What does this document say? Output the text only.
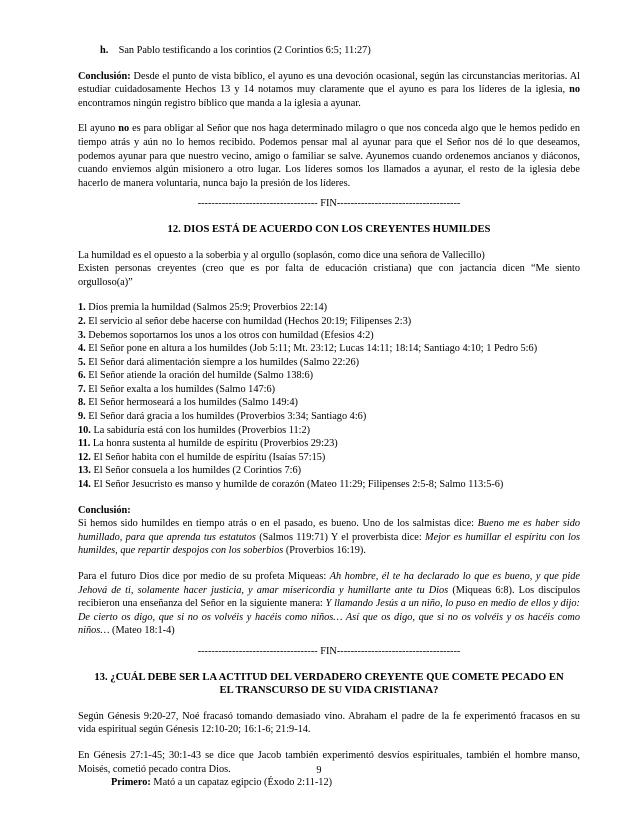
h. San Pablo testificando a los corintios (2 Corintios 6:5; 11:27)

Conclusión: Desde el punto de vista bíblico, el ayuno es una devoción ocasional, según las circunstancias meritorias. Al estudiar cuidadosamente Hechos 13 y 14 notamos muy claramente que el ayuno es para los líderes de la iglesia, no encontramos ningún registro bíblico que manda a la iglesia a ayunar.

El ayuno no es para obligar al Señor que nos haga determinado milagro o que nos conceda algo que le hemos pedido en tiempo atrás y aún no lo hemos recibido. Podemos pensar mal al ayunar para que el Señor nos dé lo que deseamos, podemos ayunar para que nuestro vecino, amigo o familiar se salve. Ayunemos cuando ordenemos ancianos y diáconos, cuando enviemos algún misionero a otro lugar. Los líderes somos los llamados a ayunar, el resto de la iglesia debe hacerlo de manera voluntaria, nunca bajo la presión de los líderes.

----------------------------------- FIN------------------------------------

12. DIOS ESTÁ DE ACUERDO CON LOS CREYENTES HUMILDES

La humildad es el opuesto a la soberbia y al orgullo (soplasón, como dice una señora de Vallecillo)

Existen personas creyentes (creo que es por falta de educación cristiana) que con jactancia dicen “Me siento orgulloso(a)”

1. Dios premia la humildad (Salmos 25:9; Proverbios 22:14)

2. El servicio al señor debe hacerse con humildad (Hechos 20:19; Filipenses 2:3)

3. Debemos soportarnos los unos a los otros con humildad (Efesios 4:2)

4. El Señor pone en altura a los humildes (Job 5:11; Mt. 23:12; Lucas 14:11; 18:14; Santiago 4:10; 1 Pedro 5:6)

5. El Señor dará alimentación siempre a los humildes (Salmo 22:26)

6. El Señor atiende la oración del humilde (Salmo 138:6)

7. El Señor exalta a los humildes (Salmo 147:6)

8. El Señor hermoseará a los humildes (Salmo 149:4)

9. El Señor dará gracia a los humildes (Proverbios 3:34; Santiago 4:6)

10. La sabiduría está con los humildes (Proverbios 11:2)

11. La honra sustenta al humilde de espíritu (Proverbios 29:23)

12. El Señor habita con el humilde de espíritu (Isaías 57:15)

13. El Señor consuela a los humildes (2 Corintios 7:6)

14. El Señor Jesucristo es manso y humilde de corazón (Mateo 11:29; Filipenses 2:5-8; Salmo 113:5-6)

Conclusión:

Si hemos sido humildes en tiempo atrás o en el pasado, es bueno. Uno de los salmistas dice: Bueno me es haber sido humillado, para que aprenda tus estatutos (Salmos 119:71) Y el proverbista dice: Mejor es humillar el espíritu con los humildes, que repartir despojos con los soberbios (Proverbios 16:19).

Para el futuro Dios dice por medio de su profeta Miqueas: Ah hombre, él te ha declarado lo que es bueno, y que pide Jehová de ti, solamente hacer justicia, y amar misericordia y humillarte ante tu Dios (Miqueas 6:8). Los discípulos recibieron una enseñanza del Señor en la siguiente manera: Y llamando Jesús a un niño, lo puso en medio de ellos y dijo: De cierto os digo, que si no os volvéis y hacéis como niños… Así que os digo, que si no os volvéis y os hacéis como niños… (Mateo 18:1-4)

----------------------------------- FIN------------------------------------

13. ¿CUÁL DEBE SER LA ACTITUD DEL VERDADERO CREYENTE QUE COMETE PECADO EN

EL TRANSCURSO DE SU VIDA CRISTIANA?

Según Génesis 9:20-27, Noé fracasó tomando demasiado vino. Abraham el padre de la fe experimentó fracasos en su vida espiritual según Génesis 12:10-20; 16:1-6; 21:9-14.

En Génesis 27:1-45; 30:1-43 se dice que Jacob también experimentó desvíos espirituales, también el hombre manso, Moisés, cometió pecado contra Dios.

Primero: Mató a un capataz egipcio (Éxodo 2:11-12)

9
